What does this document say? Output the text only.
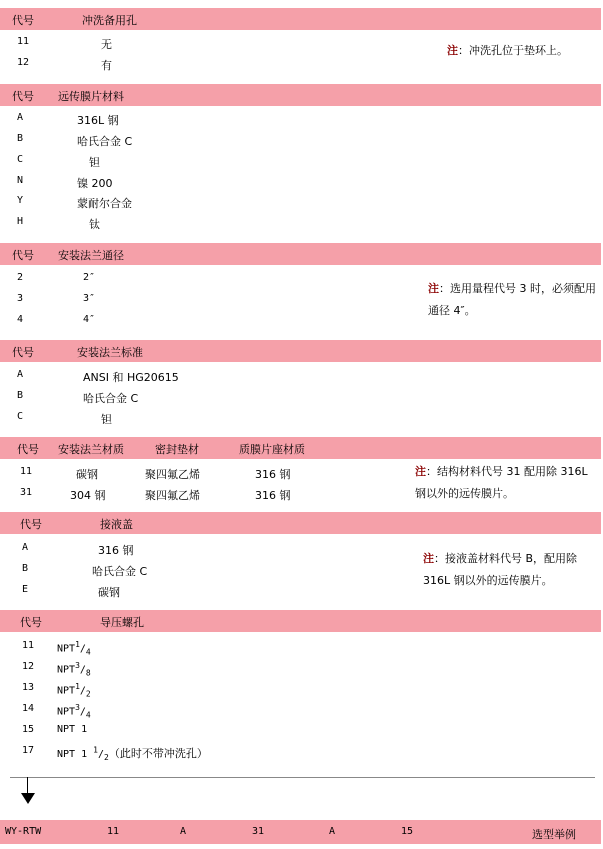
代号	冲洗备用孔
11	无
12	有
注：冲洗孔位于垫环上。
代号 远传膜片材料
A	316L 钢
B	哈氏合金 C
C	钽
N	镍 200
Y	蒙耐尔合金
H	钛
代号 安装法兰通径
2	2″
3	3″
4	4″
注：选用量程代号 3 时，必须配用通径 4″。
代号	安装法兰标准
A	ANSI 和 HG20615
B	哈氏合金 C
C	钽
代号 安装法兰材质	密封垫材	质膜片座材质
11	碳钢	聚四氟乙烯	316 钢
31	304 钢	聚四氟乙烯	316 钢
注：结构材料代号 31 配用除 316L 钢以外的远传膜片。
代号	接液盖
A	316 钢
B	哈氏合金 C
E	碳钢
注：接液盖材料代号 B，配用除 316L 钢以外的远传膜片。
代号	导压螺孔
11 $NPT^1/_4$
12 $NPT^3/_8$
13 $NPT^1/_2$
14 $NPT^3/_4$
15 NPT 1
17 NPT 1 $^1/_2$（此时不带冲洗孔）
WY-RTW	11	A	31	A	15	选型举例
